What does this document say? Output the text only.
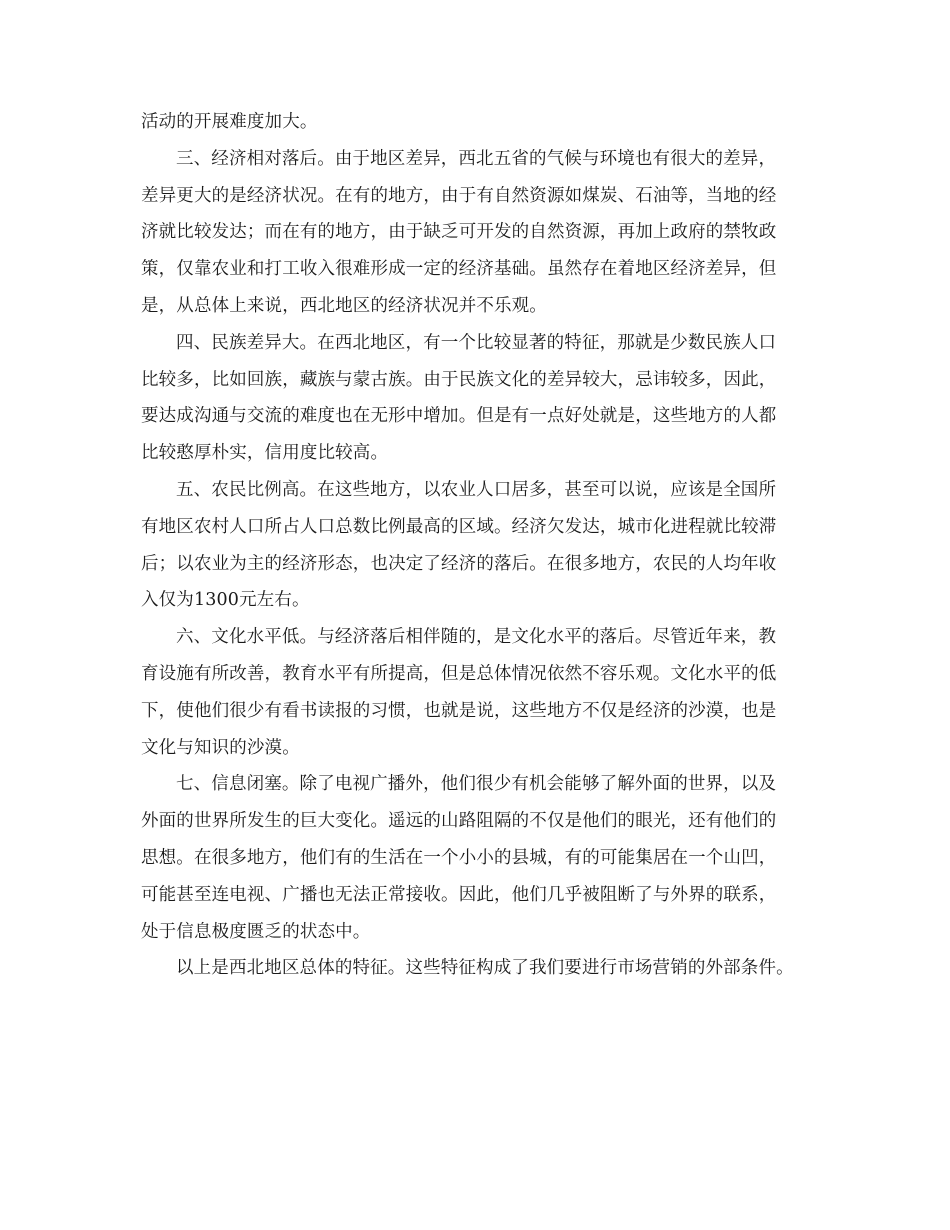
活动的开展难度加大。
三、经济相对落后。由于地区差异，西北五省的气候与环境也有很大的差异，
差异更大的是经济状况。在有的地方，由于有自然资源如煤炭、石油等，当地的经
济就比较发达；而在有的地方，由于缺乏可开发的自然资源，再加上政府的禁牧政
策，仅靠农业和打工收入很难形成一定的经济基础。虽然存在着地区经济差异，但
是，从总体上来说，西北地区的经济状况并不乐观。
四、民族差异大。在西北地区，有一个比较显著的特征，那就是少数民族人口
比较多，比如回族，藏族与蒙古族。由于民族文化的差异较大，忌讳较多，因此，
要达成沟通与交流的难度也在无形中增加。但是有一点好处就是，这些地方的人都
比较憨厚朴实，信用度比较高。
五、农民比例高。在这些地方，以农业人口居多，甚至可以说，应该是全国所
有地区农村人口所占人口总数比例最高的区域。经济欠发达，城市化进程就比较滞
后；以农业为主的经济形态，也决定了经济的落后。在很多地方，农民的人均年收
入仅为1300元左右。
六、文化水平低。与经济落后相伴随的，是文化水平的落后。尽管近年来，教
育设施有所改善，教育水平有所提高，但是总体情况依然不容乐观。文化水平的低
下，使他们很少有看书读报的习惯，也就是说，这些地方不仅是经济的沙漠，也是
文化与知识的沙漠。
七、信息闭塞。除了电视广播外，他们很少有机会能够了解外面的世界，以及
外面的世界所发生的巨大变化。遥远的山路阻隔的不仅是他们的眼光，还有他们的
思想。在很多地方，他们有的生活在一个小小的县城，有的可能集居在一个山凹，
可能甚至连电视、广播也无法正常接收。因此，他们几乎被阻断了与外界的联系，
处于信息极度匮乏的状态中。
以上是西北地区总体的特征。这些特征构成了我们要进行市场营销的外部条件。
